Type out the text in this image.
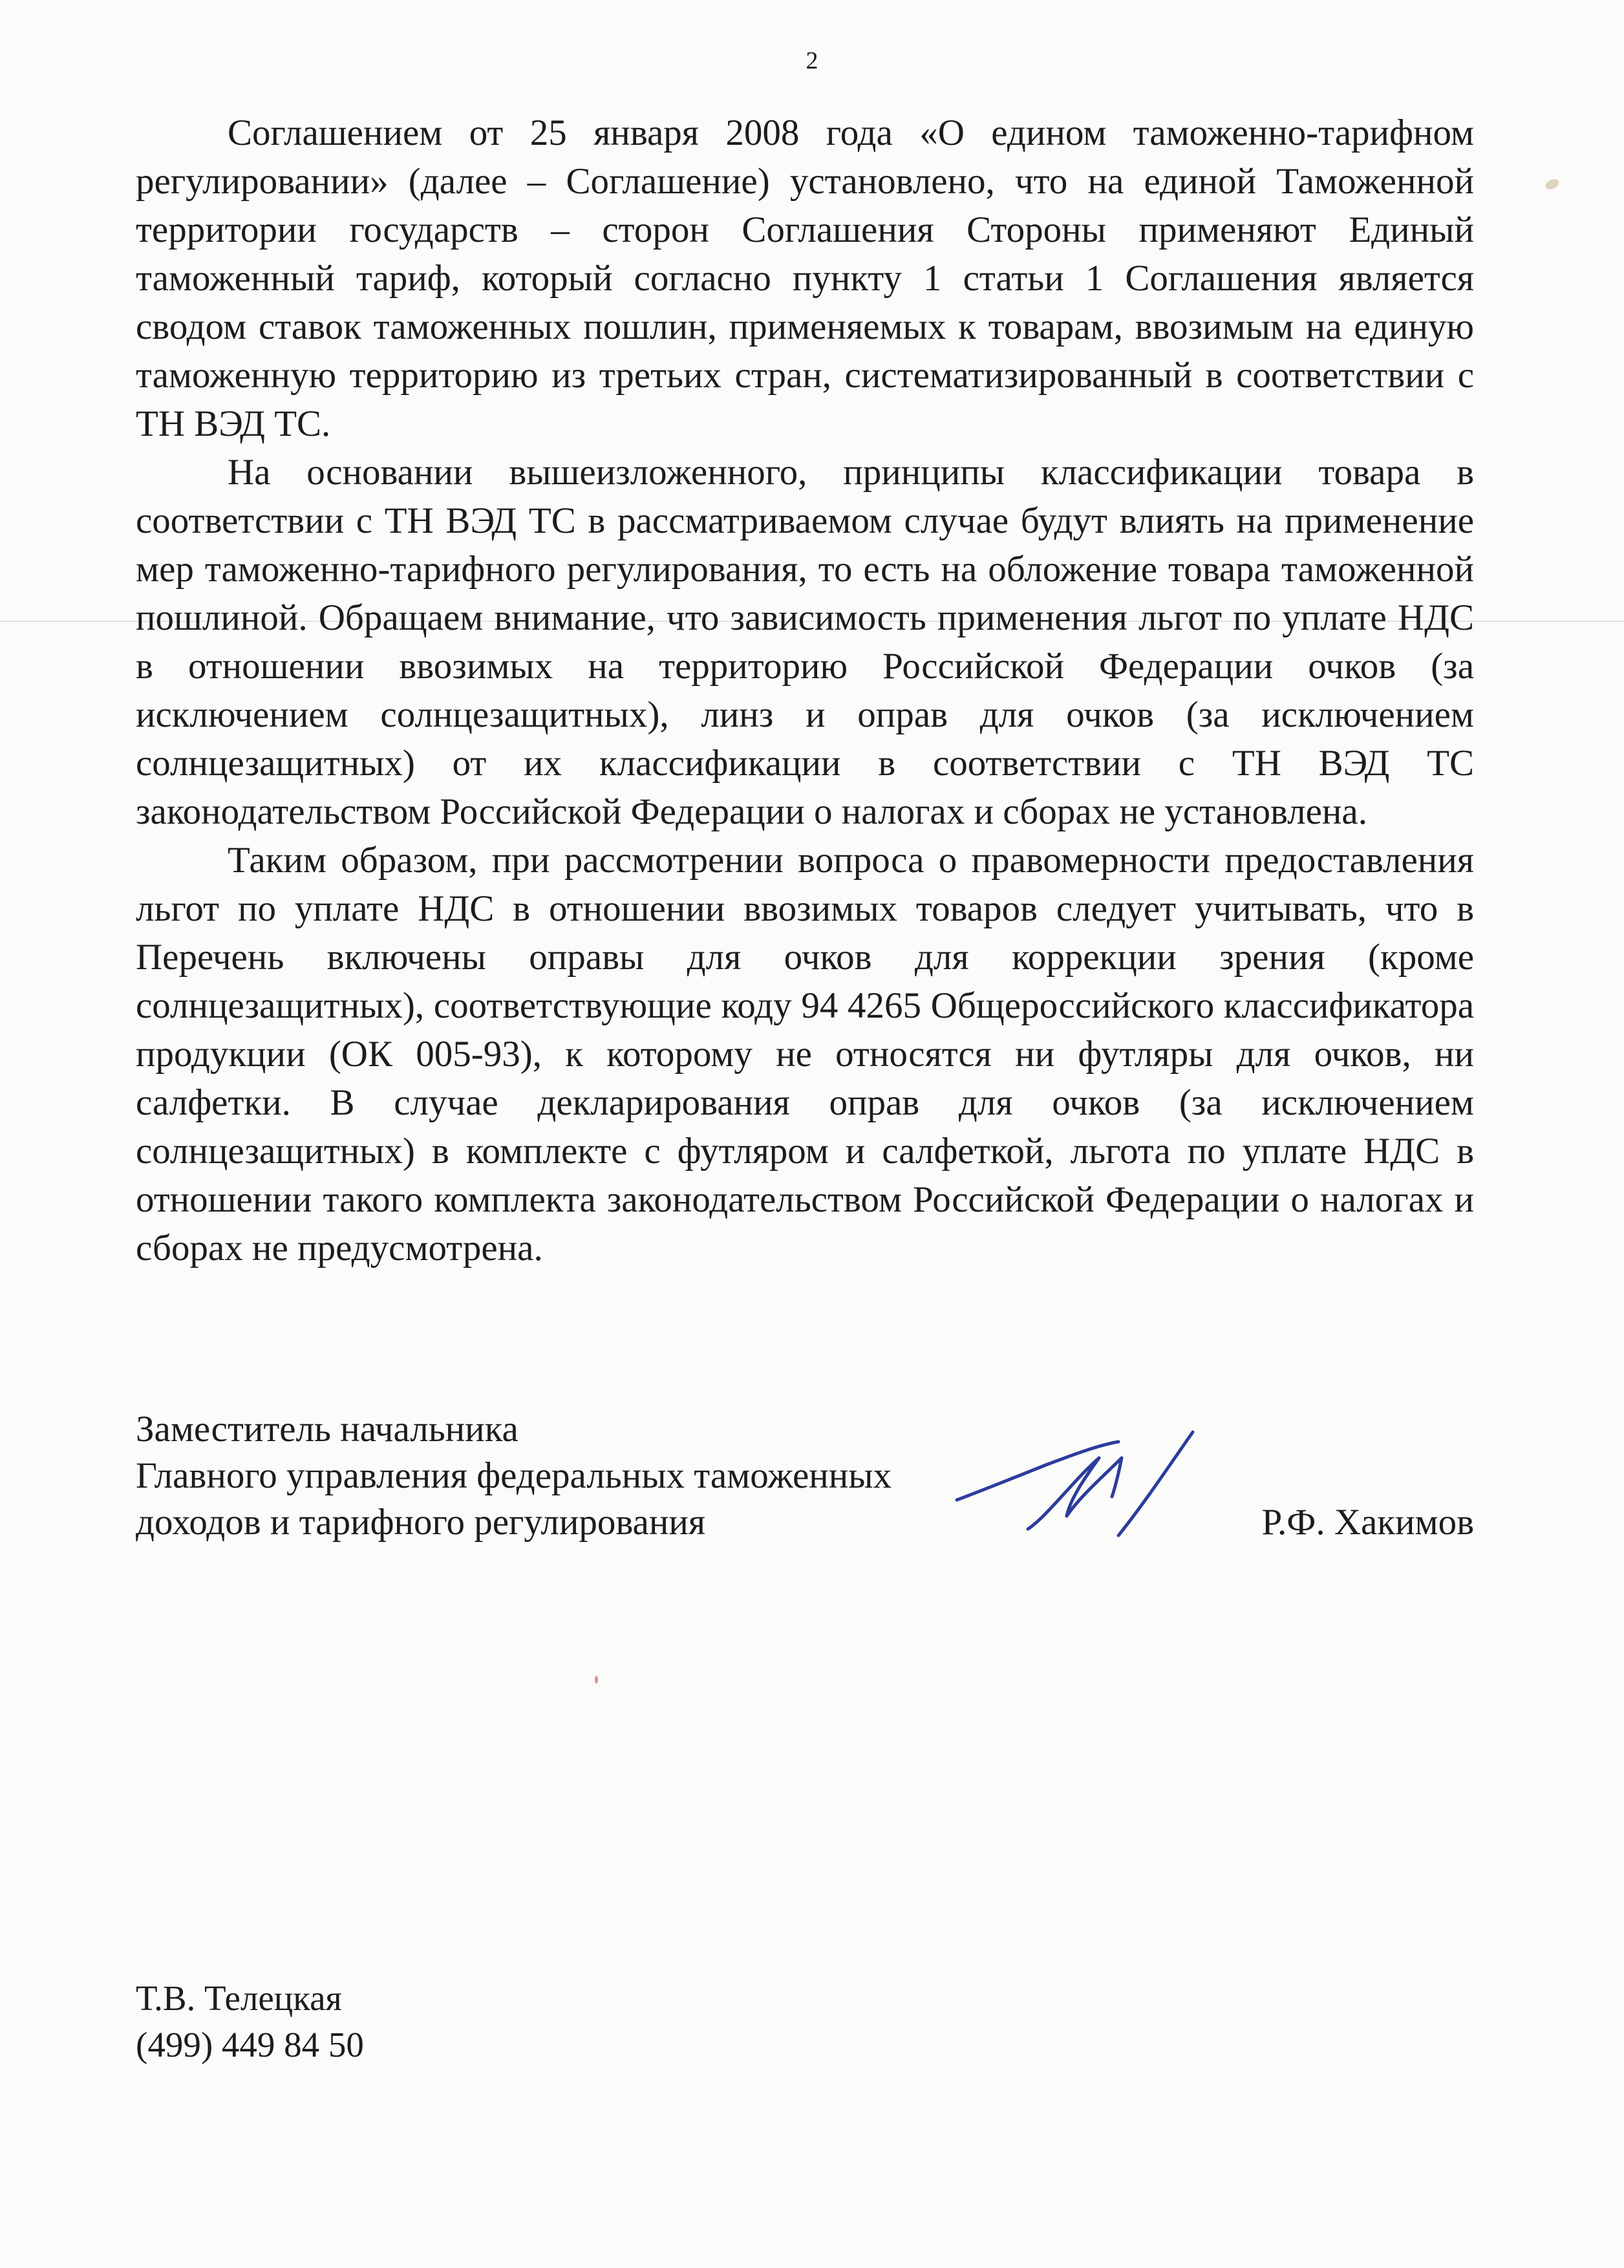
2

Соглашением от 25 января 2008 года «О едином таможенно-тарифном регулировании» (далее – Соглашение) установлено, что на единой Таможенной территории государств – сторон Соглашения Стороны применяют Единый таможенный тариф, который согласно пункту 1 статьи 1 Соглашения является сводом ставок таможенных пошлин, применяемых к товарам, ввозимым на единую таможенную территорию из третьих стран, систематизированный в соответствии с ТН ВЭД ТС.

На основании вышеизложенного, принципы классификации товара в соответствии с ТН ВЭД ТС в рассматриваемом случае будут влиять на применение мер таможенно-тарифного регулирования, то есть на обложение товара таможенной пошлиной. Обращаем внимание, что зависимость применения льгот по уплате НДС в отношении ввозимых на территорию Российской Федерации очков (за исключением солнцезащитных), линз и оправ для очков (за исключением солнцезащитных) от их классификации в соответствии с ТН ВЭД ТС законодательством Российской Федерации о налогах и сборах не установлена.

Таким образом, при рассмотрении вопроса о правомерности предоставления льгот по уплате НДС в отношении ввозимых товаров следует учитывать, что в Перечень включены оправы для очков для коррекции зрения (кроме солнцезащитных), соответствующие коду 94 4265 Общероссийского классификатора продукции (ОК 005-93), к которому не относятся ни футляры для очков, ни салфетки. В случае декларирования оправ для очков (за исключением солнцезащитных) в комплекте с футляром и салфеткой, льгота по уплате НДС в отношении такого комплекта законодательством Российской Федерации о налогах и сборах не предусмотрена.

Заместитель начальника
Главного управления федеральных таможенных
доходов и тарифного регулирования	Р.Ф. Хакимов
Т.В. Телецкая
(499) 449 84 50
